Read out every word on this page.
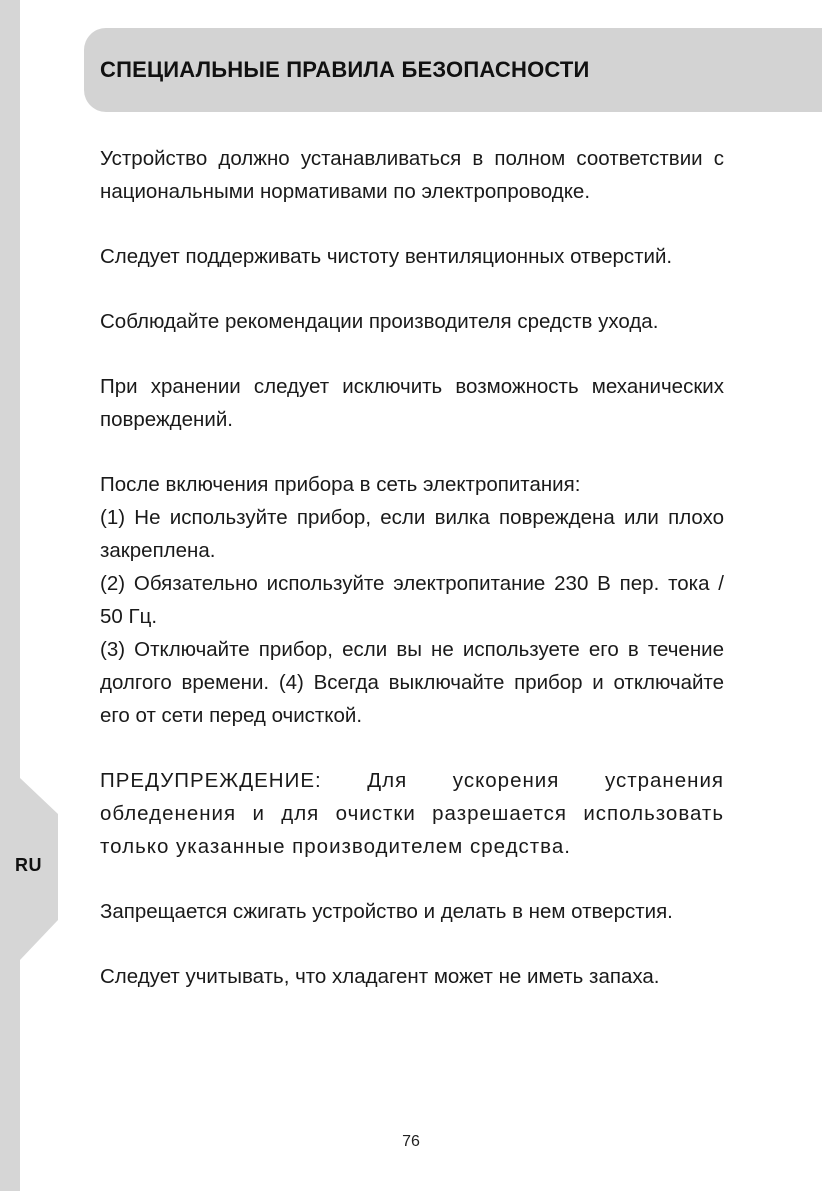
RU
СПЕЦИАЛЬНЫЕ ПРАВИЛА БЕЗОПАСНОСТИ

Устройство должно устанавливаться в полном соответствии с национальными нормативами по электропроводке.

Следует поддерживать чистоту вентиляционных отверстий.

Соблюдайте рекомендации производителя средств ухода.

При хранении следует исключить возможность механических повреждений.

После включения прибора в сеть электропитания:
(1) Не используйте прибор, если вилка повреждена или плохо закреплена.
(2) Обязательно используйте электропитание 230 В пер. тока / 50 Гц.
(3) Отключайте прибор, если вы не используете его в течение долгого времени. (4) Всегда выключайте прибор и отключайте его от сети перед очисткой.

ПРЕДУПРЕЖДЕНИЕ: Для ускорения устранения обледенения и для очистки разрешается использовать только указанные производителем средства.

Запрещается сжигать устройство и делать в нем отверстия.

Следует учитывать, что хладагент может не иметь запаха.

76
